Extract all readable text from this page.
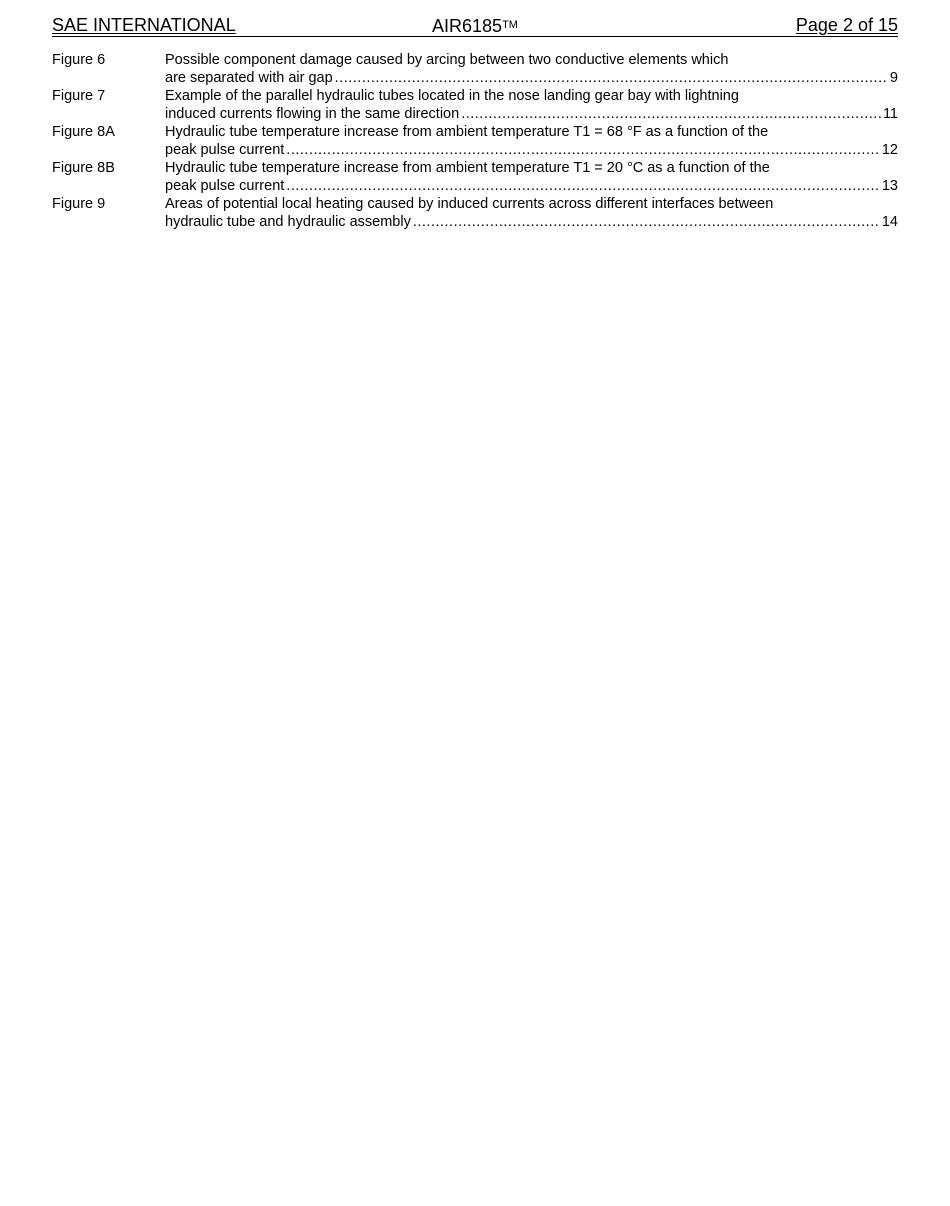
SAE INTERNATIONAL	AIR6185™	Page 2 of 15
Figure 6	Possible component damage caused by arcing between two conductive elements which
are separated with air gap .....	9
Figure 7	Example of the parallel hydraulic tubes located in the nose landing gear bay with lightning
induced currents flowing in the same direction .....	11
Figure 8A	Hydraulic tube temperature increase from ambient temperature T1 = 68 °F as a function of the
peak pulse current .....	12
Figure 8B	Hydraulic tube temperature increase from ambient temperature T1 = 20 °C as a function of the
peak pulse current .....	13
Figure 9	Areas of potential local heating caused by induced currents across different interfaces between
hydraulic tube and hydraulic assembly .....	14
